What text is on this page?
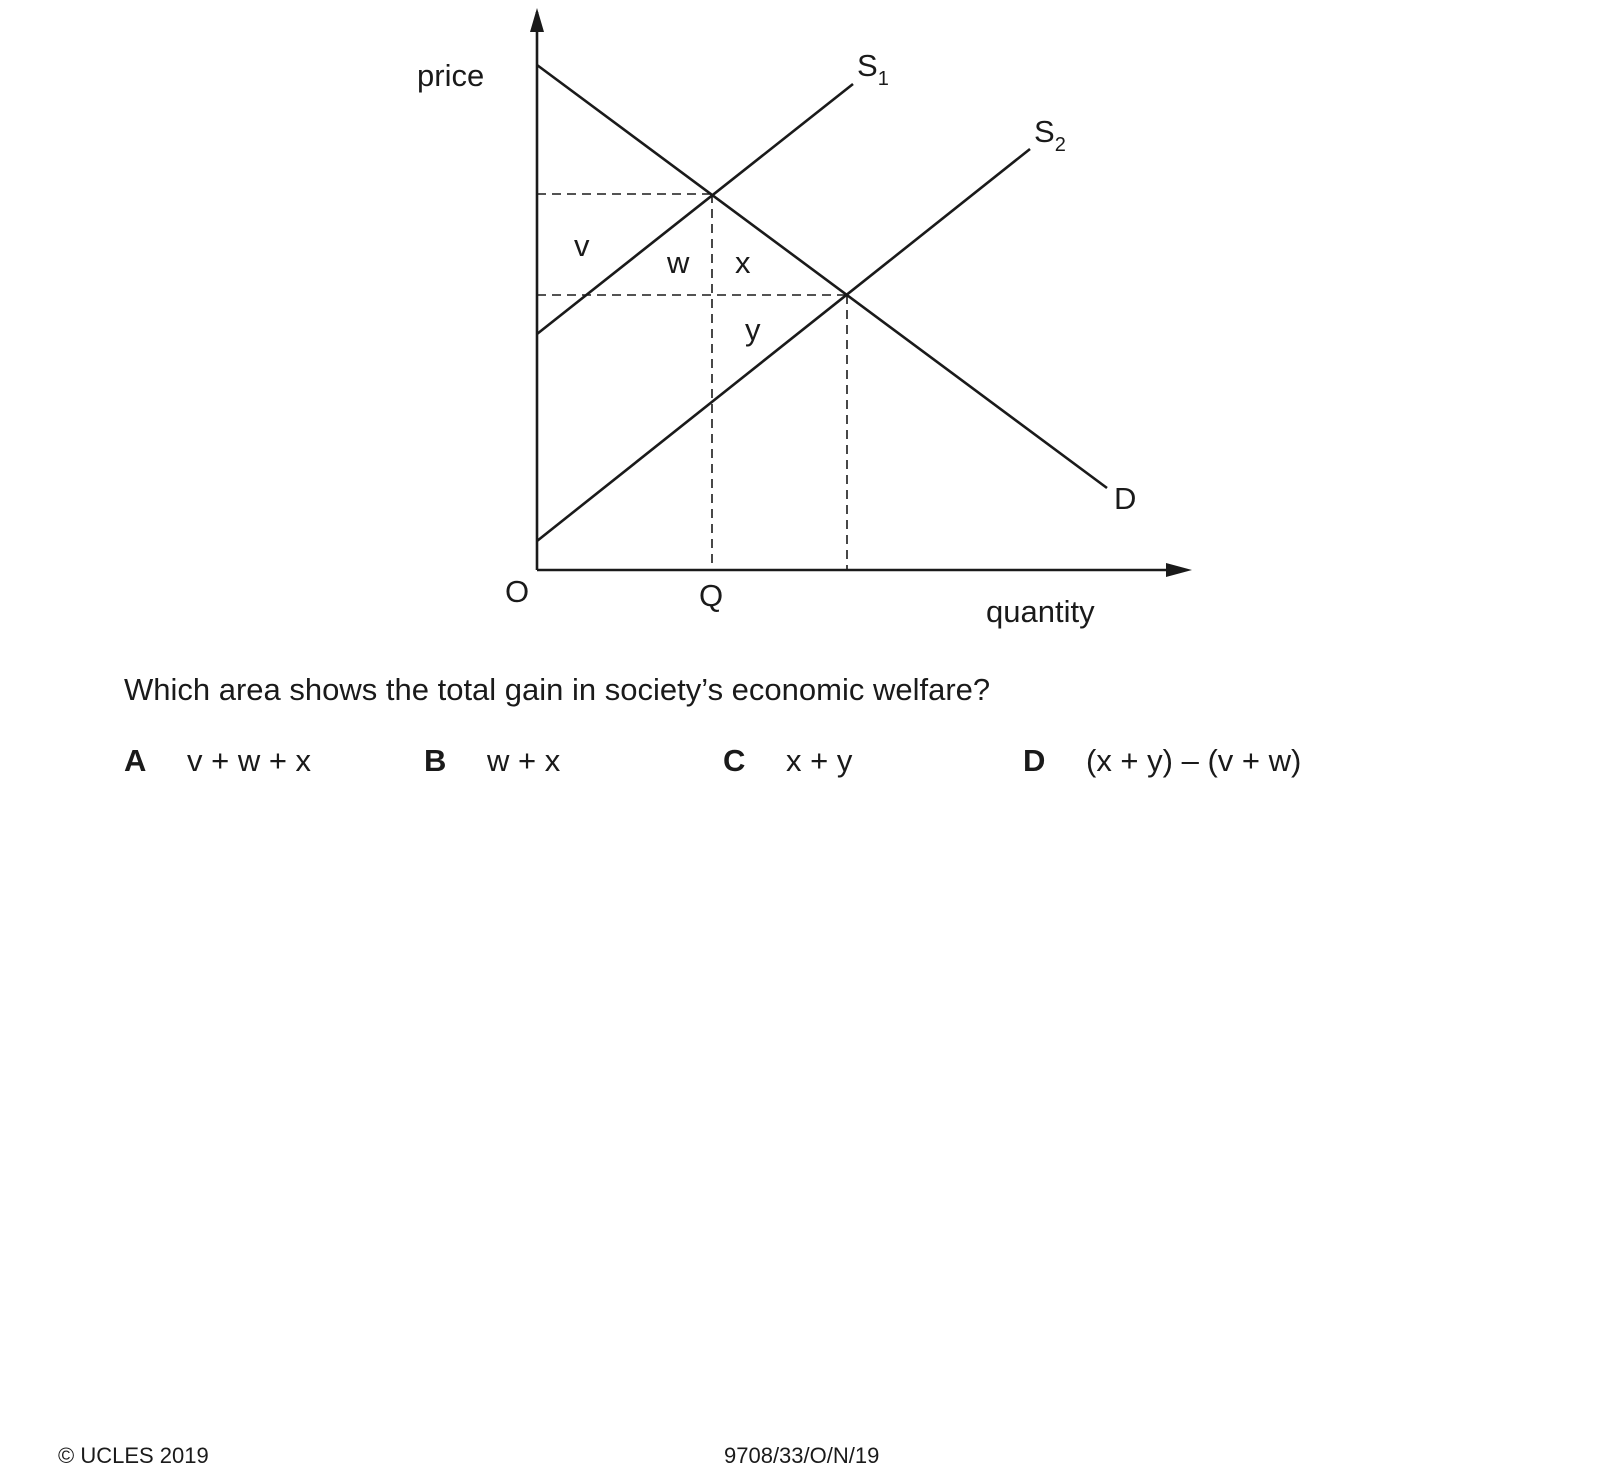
price
quantity
O	Q
D
$S_1$
$S_2$
v	w x
y

Which area shows the total gain in society’s economic welfare?

A v + w + x	B w + x	C x + y	D (x + y) – (v + w)
© UCLES 2019	9708/33/O/N/19
